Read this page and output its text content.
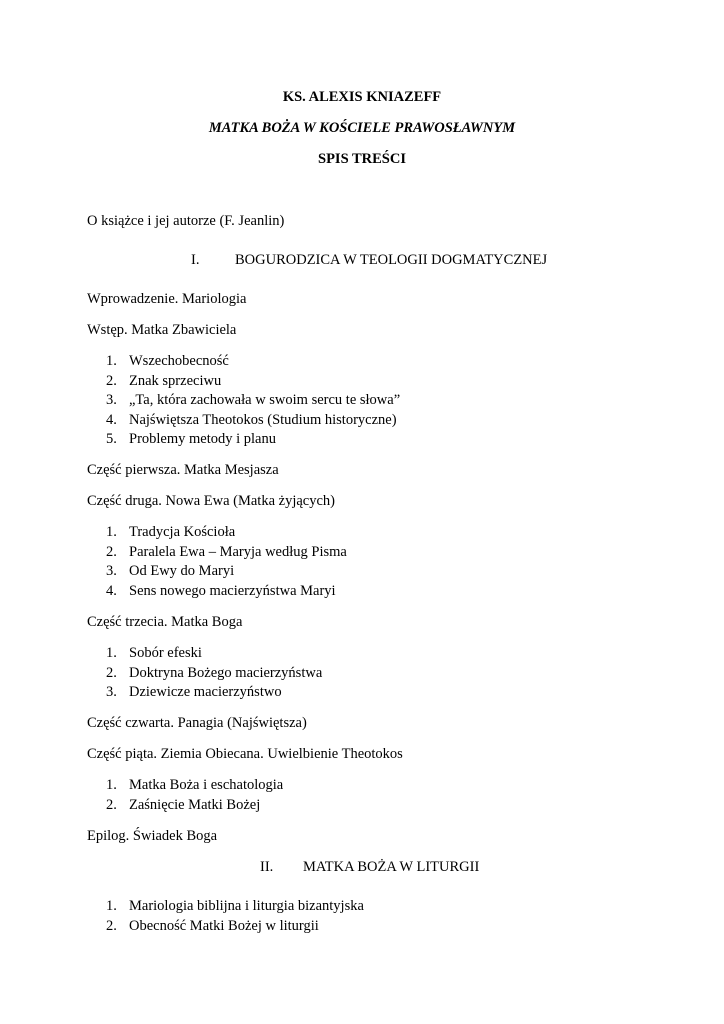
KS. ALEXIS KNIAZEFF
MATKA BOŻA W KOŚCIELE PRAWOSŁAWNYM
SPIS TREŚCI
O książce i jej autorze (F. Jeanlin)
I. BOGURODZICA W TEOLOGII DOGMATYCZNEJ
Wprowadzenie. Mariologia
Wstęp. Matka Zbawiciela
1. Wszechobecność
2. Znak sprzeciwu
3. „Ta, która zachowała w swoim sercu te słowa”
4. Najświętsza Theotokos (Studium historyczne)
5. Problemy metody i planu
Część pierwsza. Matka Mesjasza
Część druga. Nowa Ewa (Matka żyjących)
1. Tradycja Kościoła
2. Paralela Ewa – Maryja według Pisma
3. Od Ewy do Maryi
4. Sens nowego macierzyństwa Maryi
Część trzecia. Matka Boga
1. Sobór efeski
2. Doktryna Bożego macierzyństwa
3. Dziewicze macierzyństwo
Część czwarta. Panagia (Najświętsza)
Część piąta. Ziemia Obiecana. Uwielbienie Theotokos
1. Matka Boża i eschatologia
2. Zaśnięcie Matki Bożej
Epilog. Świadek Boga
II. MATKA BOŻA W LITURGII
1. Mariologia biblijna i liturgia bizantyjska
2. Obecność Matki Bożej w liturgii
